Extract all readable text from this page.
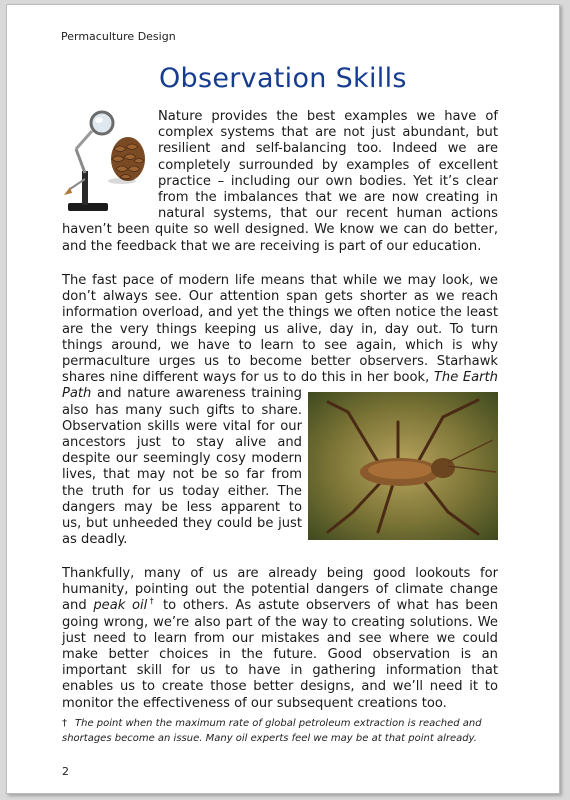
Permaculture Design
Observation Skills

Nature provides the best examples we have of complex systems that are not just abundant, but resilient and self-balancing too. Indeed we are completely surrounded by examples of excellent practice – including our own bodies. Yet it’s clear from the imbalances that we are now creating in natural systems, that our recent human actions haven’t been quite so well designed. We know we can do better, and the feedback that we are receiving is part of our education.

The fast pace of modern life means that while we may look, we don’t always see. Our attention span gets shorter as we reach information overload, and yet the things we often notice the least are the very things keeping us alive, day in, day out. To turn things around, we have to learn to see again, which is why permaculture urges us to become better observers. Starhawk shares nine different ways for us to do this in her book,
The Earth Path and nature awareness training also has many such gifts to share. Observation skills were vital for our ancestors just to stay alive and despite our seemingly cosy modern lives, that may not be so far from the truth for us today either. The dangers may be less apparent to us, but unheeded they could be just as deadly.

Thankfully, many of us are already being good lookouts for humanity, pointing out the potential dangers of climate change and peak oil† to others. As astute observers of what has been going wrong, we’re also part of the way to creating solutions. We just need to learn from our mistakes and see where we could make better choices in the future. Good observation is an important skill for us to have in gathering information that enables us to create those better designs, and we’ll need it to monitor the effectiveness of our subsequent creations too.

† The point when the maximum rate of global petroleum extraction is reached and shortages become an issue. Many oil experts feel we may be at that point already.
2
